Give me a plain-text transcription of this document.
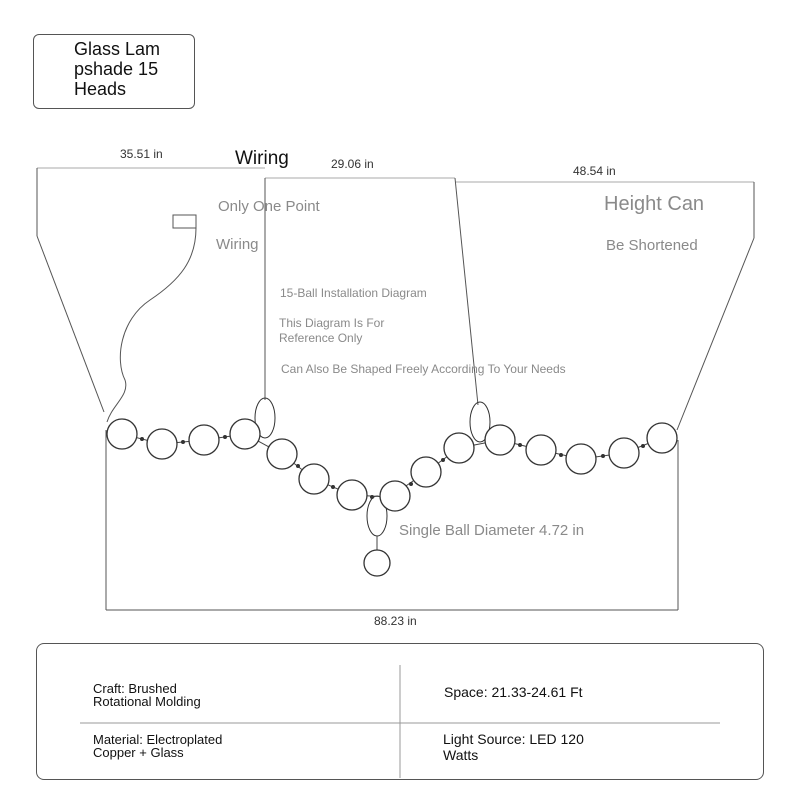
Glass Lampshade 15 Heads
35.51 in
29.06 in	48.54 in
88.23 in
Wiring
Only One Point
Wiring
Height Can
Be Shortened
15-Ball Installation Diagram
This Diagram Is For Reference Only
Can Also Be Shaped Freely According To Your Needs
Single Ball Diameter 4.72 in
Craft: Brushed Rotational Molding
Material: Electroplated Copper + Glass
Space: 21.33-24.61 Ft
Light Source: LED 120 Watts
